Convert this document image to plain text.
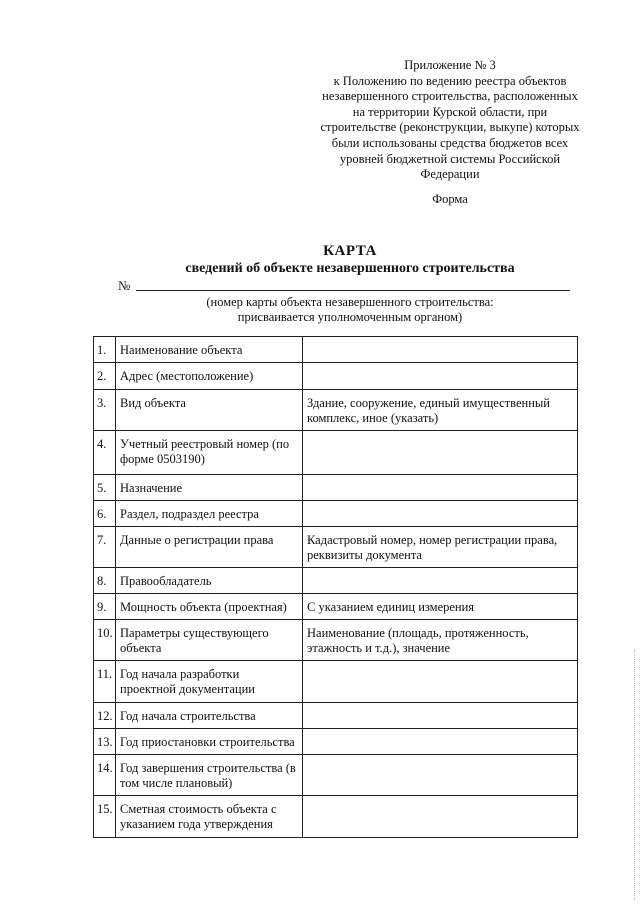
Приложение № 3
к Положению по ведению реестра объектов
незавершенного строительства, расположенных
на территории Курской области, при
строительстве (реконструкции, выкупе) которых
были использованы средства бюджетов всех
уровней бюджетной системы Российской
Федерации
Форма
КАРТА
сведений об объекте незавершенного строительства
№
(номер карты объекта незавершенного строительства:
присваивается уполномоченным органом)
1.	Наименование объекта	
2.	Адрес (местоположение)	
3.	Вид объекта	Здание, сооружение, единый имущественный комплекс, иное (указать)
4.	Учетный реестровый номер (по форме 0503190)	
5.	Назначение	
6.	Раздел, подраздел реестра	
7.	Данные о регистрации права	Кадастровый номер, номер регистрации права, реквизиты документа
8.	Правообладатель	
9.	Мощность объекта (проектная)	С указанием единиц измерения
10.	Параметры существующего объекта	Наименование (площадь, протяженность, этажность и т.д.), значение
11.	Год начала разработки проектной документации	
12.	Год начала строительства	
13.	Год приостановки строительства	
14.	Год завершения строительства (в том числе плановый)	
15.	Сметная стоимость объекта с указанием года утверждения	
